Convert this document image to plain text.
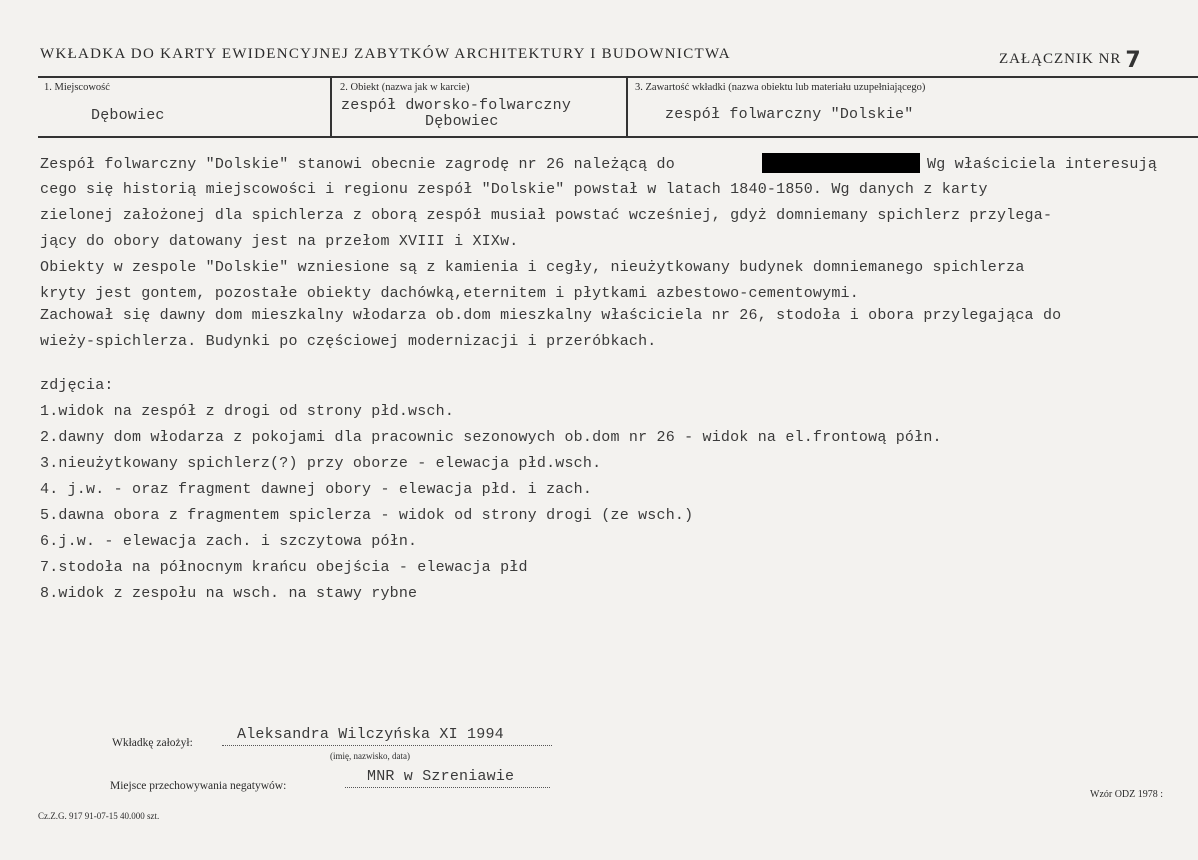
WKŁADKA DO KARTY EWIDENCYJNEJ ZABYTKÓW ARCHITEKTURY I BUDOWNICTWA	ZAŁĄCZNIK NR 7
1. Miejscowość
Dębowiec
2. Obiekt (nazwa jak w karcie)
zespół dworsko-folwarczny
Dębowiec
3. Zawartość wkładki (nazwa obiektu lub materiału uzupełniającego)
zespół folwarczny "Dolskie"
Zespół folwarczny "Dolskie" stanowi obecnie zagrodę nr 26 należącą do	Wg właściciela interesują
cego się historią miejscowości i regionu zespół "Dolskie" powstał w latach 1840-1850. Wg danych z karty
zielonej założonej dla spichlerza z oborą zespół musiał powstać wcześniej, gdyż domniemany spichlerz przylega-
jący do obory datowany jest na przełom XVIII i XIXw.
Obiekty w zespole "Dolskie" wzniesione są z kamienia i cegły, nieużytkowany budynek domniemanego spichlerza
kryty jest gontem, pozostałe obiekty dachówką,eternitem i płytkami azbestowo-cementowymi.
Zachował się dawny dom mieszkalny włodarza ob.dom mieszkalny właściciela nr 26, stodoła i obora przylegająca do
wieży-spichlerza. Budynki po częściowej modernizacji i przeróbkach.
zdjęcia:
1.widok na zespół z drogi od strony płd.wsch.
2.dawny dom włodarza z pokojami dla pracownic sezonowych ob.dom nr 26 - widok na el.frontową półn.
3.nieużytkowany spichlerz(?) przy oborze - elewacja płd.wsch.
4. j.w. - oraz fragment dawnej obory - elewacja płd. i zach.
5.dawna obora z fragmentem spiclerza - widok od strony drogi (ze wsch.)
6.j.w. - elewacja zach. i szczytowa półn.
7.stodoła na północnym krańcu obejścia - elewacja płd
8.widok z zespołu na wsch. na stawy rybne
Wkładkę założył:	Aleksandra Wilczyńska XI 1994
(imię, nazwisko, data)
Miejsce przechowywania negatywów:
MNR w Szreniawie
Cz.Z.G. 917 91-07-15 40.000 szt.
Wzór ODZ 1978 :
